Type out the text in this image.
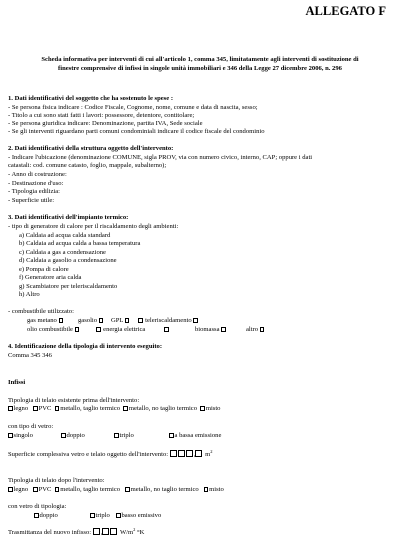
ALLEGATO F
Scheda informativa per interventi di cui all'articolo 1, comma 345, limitatamente agli interventi di sostituzione di
finestre comprensive di infissi in singole unità immobiliari e 346 della Legge 27 dicembre 2006, n. 296
1. Dati identificativi del soggetto che ha sostenuto le spese :
- Se persona fisica indicare : Codice Fiscale, Cognome, nome, comune e data di nascita, sesso;
- Titolo a cui sono stati fatti i lavori: possessore, detentore, contitolare;
- Se persona giuridica indicare: Denominazione, partita IVA, Sede sociale
- Se gli interventi riguardano parti comuni condominiali indicare il codice fiscale del condominio
2. Dati identificativi della struttura oggetto dell'intervento:
- Indicare l'ubicazione (denominazione COMUNE, sigla PROV, via con numero civico, interno, CAP; oppure i dati
catastali: cod. comune catasto, foglio, mappale, subalterno);
- Anno di costruzione:
- Destinazione d'uso:
- Tipologia edilizia:
- Superficie utile:
3. Dati identificativi dell'impianto termico:
- tipo di generatore di calore per il riscaldamento degli ambienti:
a) Caldaia ad acqua calda standard
b) Caldaia ad acqua calda a bassa temperatura
c) Caldaia a gas a condensazione
d) Caldaia a gasolio a condensazione
e) Pompa di calore
f) Generatore aria calda
g) Scambiatore per teleriscaldamento
h) Altro
- combustibile utilizzato:
gas metano	gasolio	GPL	teleriscaldamento
olio combustibile	energia elettrica	biomassa	altro
4. Identificazione della tipologia di intervento eseguito:
Comma 345 346
Infissi
Tipologia di telaio esistente prima dell'intervento:
legno PVC metallo, taglio termico metallo, no taglio termico misto
con tipo di vetro:
singolo	doppio	triplo	a bassa emissione
Superficie complessiva vetro e telaio oggetto dell'intervento:	, $m^2$
Tipologia di telaio dopo l'intervento:
legno PVC metallo, taglio termico metallo, no taglio termico misto
con vetro di tipologia:
doppio	triplo	basso emissivo
Trasmittanza del nuovo infisso: ,	$W/m^2$ °K
